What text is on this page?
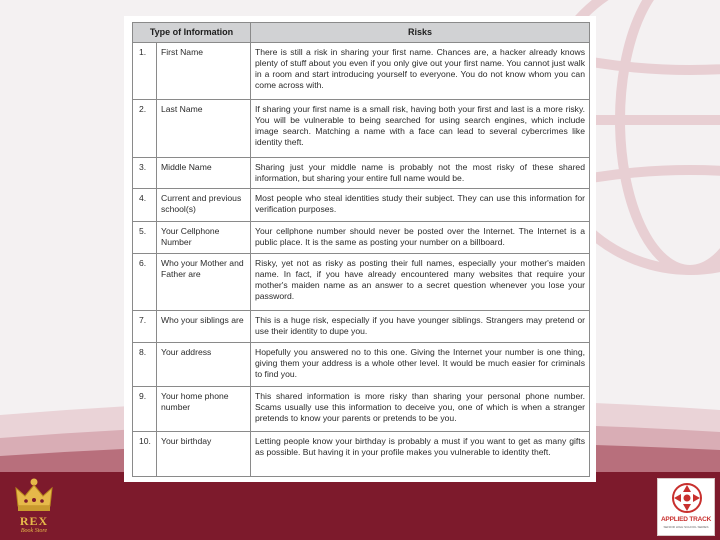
REX
Book Store
APPLIED TRACK
SENIOR HIGH SCHOOL SERIES
Type of Information		Risks
1.	First Name	There is still a risk in sharing your first name. Chances are, a hacker already knows plenty of stuff about you even if you only give out your first name. You cannot just walk in a room and start introducing yourself to everyone. You do not know whom you can come across with.
2.	Last Name	If sharing your first name is a small risk, having both your first and last is a more risky. You will be vulnerable to being searched for using search engines, which include image search. Matching a name with a face can lead to several cybercrimes like identity theft.
3.	Middle Name	Sharing just your middle name is probably not the most risky of these shared information, but sharing your entire full name would be.
4.	Current and previous school(s)	Most people who steal identities study their subject. They can use this information for verification purposes.
5.	Your Cellphone Number	Your cellphone number should never be posted over the Internet. The Internet is a public place. It is the same as posting your number on a billboard.
6.	Who your Mother and Father are	Risky, yet not as risky as posting their full names, especially your mother's maiden name. In fact, if you have already encountered many websites that require your mother's maiden name as an answer to a secret question whenever you lose your password.
7.	Who your siblings are	This is a huge risk, especially if you have younger siblings. Strangers may pretend or use their identity to dupe you.
8.	Your address	Hopefully you answered no to this one. Giving the Internet your number is one thing, giving them your address is a whole other level. It would be much easier for criminals to find you.
9.	Your home phone number	This shared information is more risky than sharing your personal phone number. Scams usually use this information to deceive you, one of which is when a stranger pretends to know your parents or pretends to be you.
10.	Your birthday	Letting people know your birthday is probably a must if you want to get as many gifts as possible. But having it in your profile makes you vulnerable to identity theft.
